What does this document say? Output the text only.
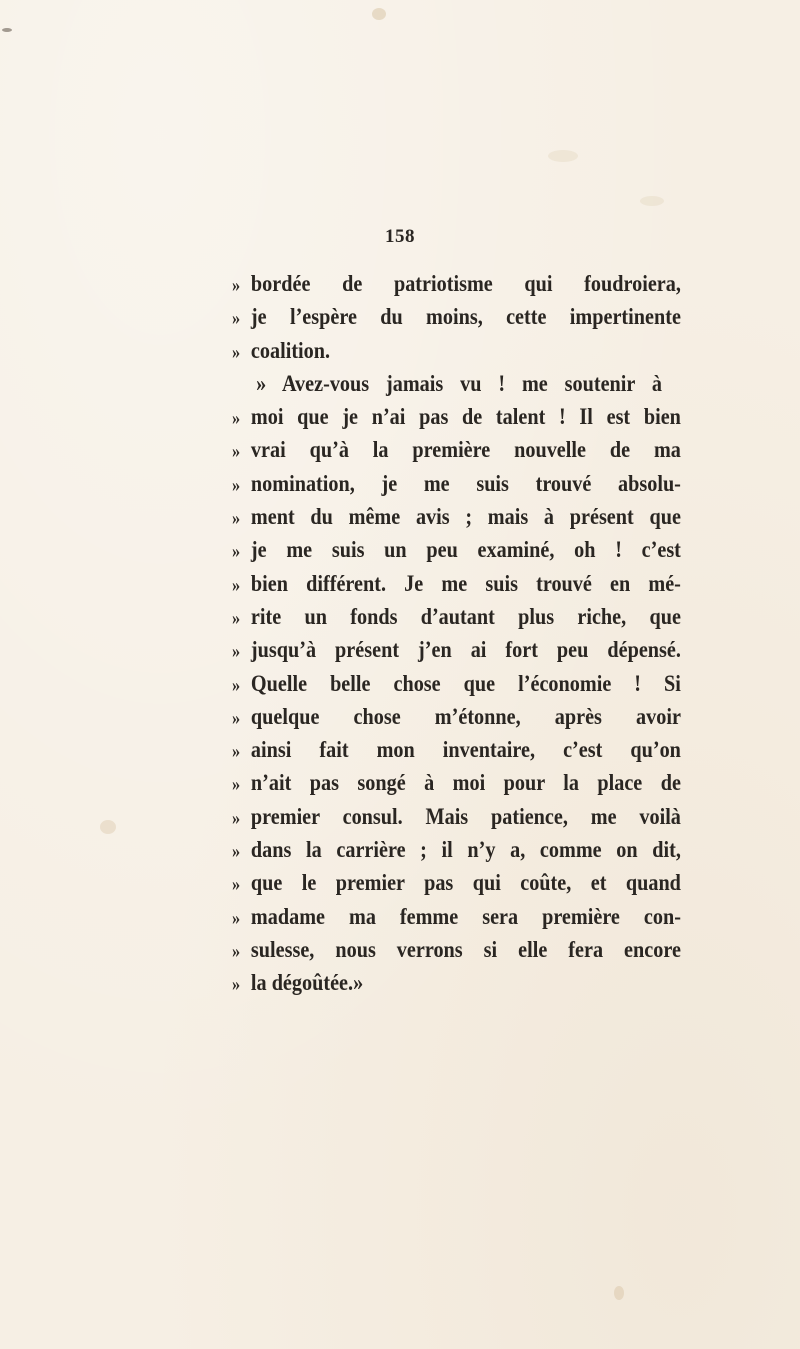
158
» bordée de patriotisme qui foudroiera,
» je l’espère du moins, cette impertinente
» coalition.
» Avez-vous jamais vu ! me soutenir à
» moi que je n’ai pas de talent ! Il est bien
» vrai qu’à la première nouvelle de ma
» nomination, je me suis trouvé absolu-
» ment du même avis ; mais à présent que
» je me suis un peu examiné, oh ! c’est
» bien différent. Je me suis trouvé en mé-
» rite un fonds d’autant plus riche, que
» jusqu’à présent j’en ai fort peu dépensé.
» Quelle belle chose que l’économie ! Si
» quelque chose m’étonne, après avoir
» ainsi fait mon inventaire, c’est qu’on
» n’ait pas songé à moi pour la place de
» premier consul. Mais patience, me voilà
» dans la carrière ; il n’y a, comme on dit,
» que le premier pas qui coûte, et quand
» madame ma femme sera première con-
» sulesse, nous verrons si elle fera encore
» la dégoûtée.»
